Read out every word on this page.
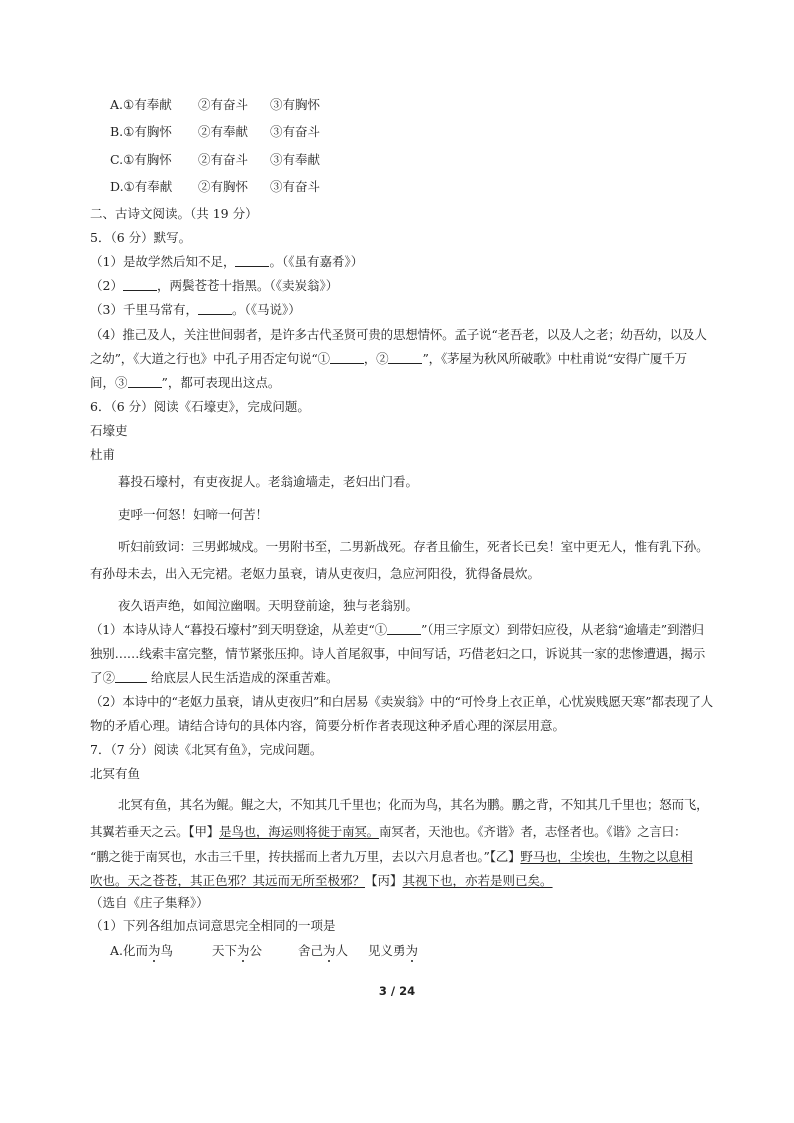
A.①有奉献 ②有奋斗 ③有胸怀
B.①有胸怀 ②有奉献 ③有奋斗
C.①有胸怀 ②有奋斗 ③有奉献
D.①有奉献 ②有胸怀 ③有奋斗
二、古诗文阅读。（共 19 分）
5．（6 分）默写。
（1）是故学然后知不足，	。（《虽有嘉肴》）
（2）	，两鬓苍苍十指黑。（《卖炭翁》）
（3）千里马常有，	。（《马说》）
（4）推己及人，关注世间弱者，是许多古代圣贤可贵的思想情怀。孟子说“老吾老，以及人之老；幼吾幼，以及人
之幼”，《大道之行也》中孔子用否定句说“①	，②	”，《茅屋为秋风所破歌》中杜甫说“安得广厦千万
间，③	”，都可表现出这点。
6．（6 分）阅读《石壕吏》，完成问题。
石壕吏
杜甫
暮投石壕村，有吏夜捉人。老翁逾墙走，老妇出门看。
吏呼一何怒！妇啼一何苦！
听妇前致词：三男邺城戍。一男附书至，二男新战死。存者且偷生，死者长已矣！室中更无人，惟有乳下孙。
有孙母未去，出入无完裙。老妪力虽衰，请从吏夜归，急应河阳役，犹得备晨炊。
夜久语声绝，如闻泣幽咽。天明登前途，独与老翁别。
（1）本诗从诗人“暮投石壕村”到天明登途，从差吏“①	”（用三字原文）到带妇应役，从老翁“逾墙走”到潜归
独别……线索丰富完整，情节紧张压抑。诗人首尾叙事，中间写话，巧借老妇之口，诉说其一家的悲惨遭遇，揭示
了②	给底层人民生活造成的深重苦难。
（2）本诗中的“老妪力虽衰，请从吏夜归”和白居易《卖炭翁》中的“可怜身上衣正单，心忧炭贱愿天寒”都表现了人
物的矛盾心理。请结合诗句的具体内容，简要分析作者表现这种矛盾心理的深层用意。
7．（7 分）阅读《北冥有鱼》，完成问题。
北冥有鱼
北冥有鱼，其名为鲲。鲲之大，不知其几千里也；化而为鸟，其名为鹏。鹏之背，不知其几千里也；怒而飞，
其翼若垂天之云。【甲】是鸟也，海运则将徙于南冥。南冥者，天池也。《齐谐》者，志怪者也。《谐》之言曰：
“鹏之徙于南冥也，水击三千里，抟扶摇而上者九万里，去以六月息者也。”【乙】野马也，尘埃也，生物之以息相
吹也。天之苍苍，其正色邪？其远而无所至极邪？【丙】其视下也，亦若是则已矣。
（选自《庄子集释》）
（1）下列各组加点词意思完全相同的一项是
A.化而为鸟	天下为公	舍己为人 见义勇为
3 / 24
